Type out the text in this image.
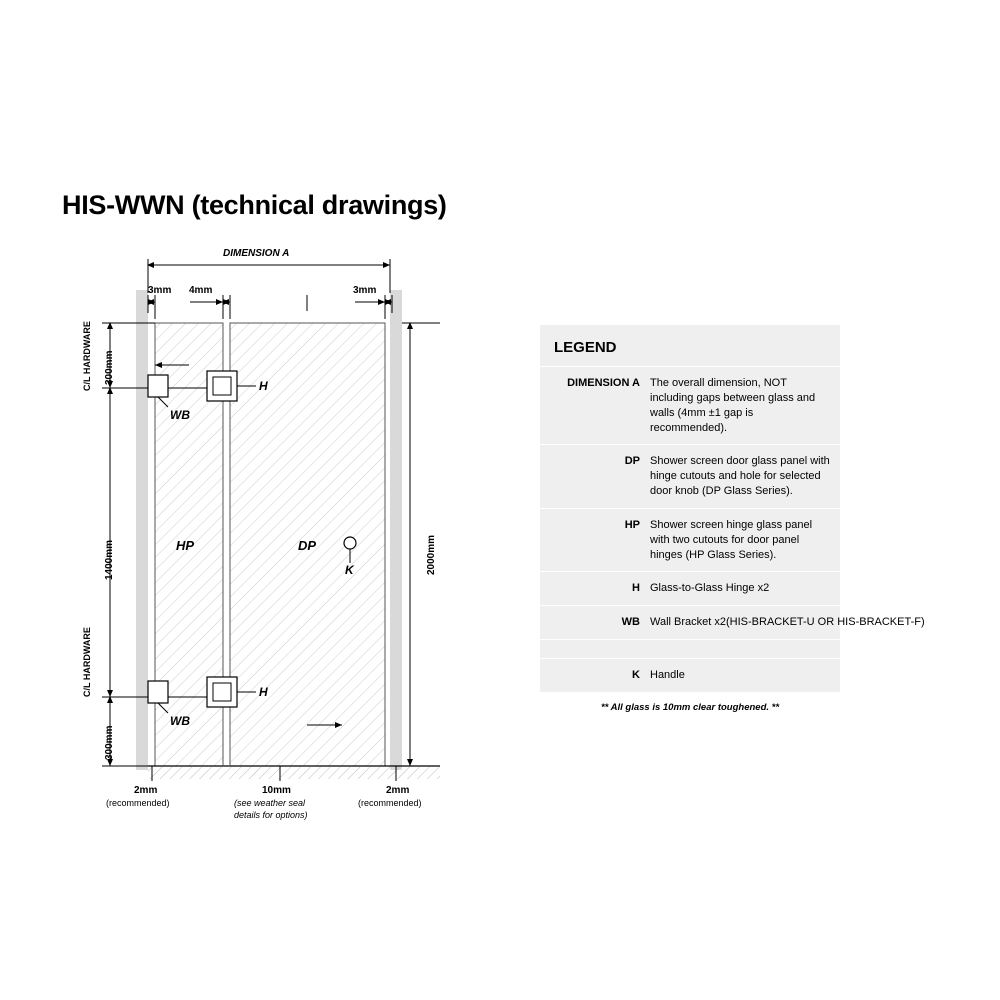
HIS-WWN (technical drawings)
DIMENSION A
3mm 4mm	3mm
2000mm
300mm
1400mm
300mm
C/L HARDWARE
C/L HARDWARE
HP	DP
H
H
WB
WB
K
2mm
(recommended)
10mm
(see weather seal
details for options)
2mm
(recommended)
LEGEND
DIMENSION A The overall dimension, NOT including gaps between glass and walls (4mm ±1 gap is recommended).
DP Shower screen door glass panel with hinge cutouts and hole for selected door knob (DP Glass Series).
HP Shower screen hinge glass panel with two cutouts for door panel hinges (HP Glass Series).
H Glass-to-Glass Hinge x2
WB Wall Bracket x2(HIS-BRACKET-U OR HIS-BRACKET-F)
K Handle
** All glass is 10mm clear toughened. **
